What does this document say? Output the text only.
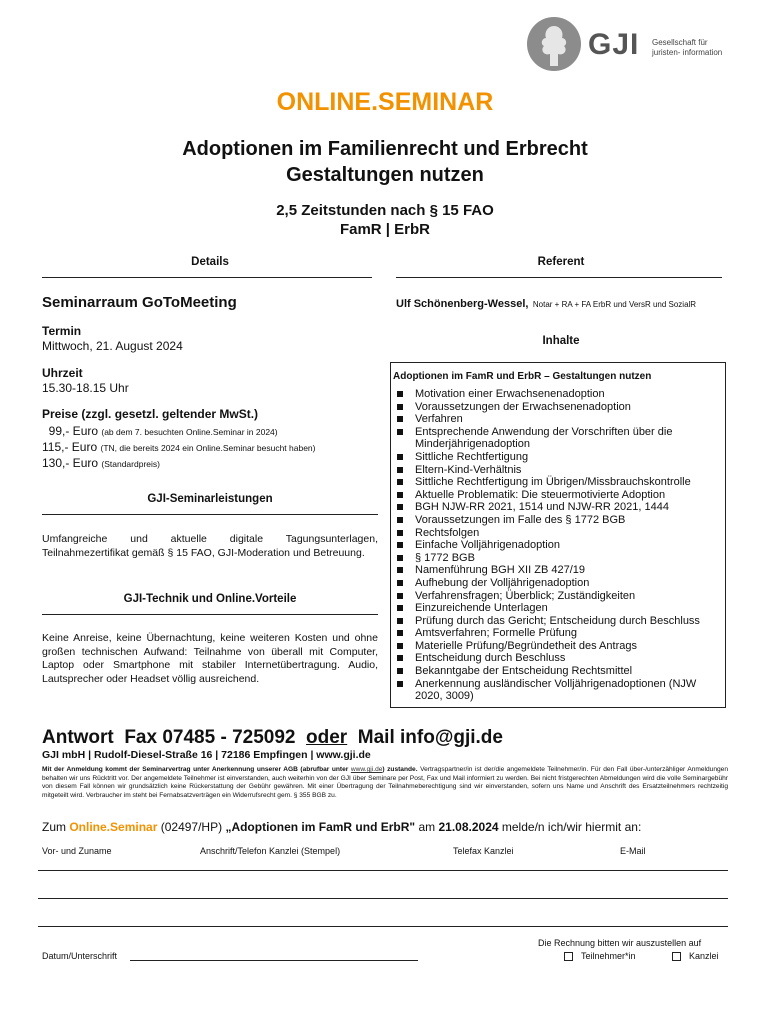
GJI Gesellschaft für
juristen- information
ONLINE.SEMINAR
Adoptionen im Familienrecht und Erbrecht
Gestaltungen nutzen
2,5 Zeitstunden nach § 15 FAO
FamR | ErbR
Details
Seminarraum GoToMeeting
Termin
Mittwoch, 21. August 2024
Uhrzeit
15.30-18.15 Uhr
Preise (zzgl. gesetzl. geltender MwSt.)
99,- Euro (ab dem 7. besuchten Online.Seminar in 2024)
115,- Euro (TN, die bereits 2024 ein Online.Seminar besucht haben)
130,- Euro (Standardpreis)
GJI-Seminarleistungen
Umfangreiche und aktuelle digitale Tagungsunterlagen, Teilnahmezertifikat gemäß § 15 FAO, GJI-Moderation und Betreuung.
GJI-Technik und Online.Vorteile
Keine Anreise, keine Übernachtung, keine weiteren Kosten und ohne großen technischen Aufwand: Teilnahme von überall mit Computer, Laptop oder Smartphone mit stabiler Internetübertragung. Audio, Lautsprecher oder Headset völlig ausreichend.
Referent
Ulf Schönenberg-Wessel, Notar + RA + FA ErbR und VersR und SozialR
Inhalte
Adoptionen im FamR und ErbR – Gestaltungen nutzen
Motivation einer Erwachsenenadoption
Voraussetzungen der Erwachsenenadoption
Verfahren
Entsprechende Anwendung der Vorschriften über die Minderjährigenadoption
Sittliche Rechtfertigung
Eltern-Kind-Verhältnis
Sittliche Rechtfertigung im Übrigen/Missbrauchskontrolle
Aktuelle Problematik: Die steuermotivierte Adoption
BGH NJW-RR 2021, 1514 und NJW-RR 2021, 1444
Voraussetzungen im Falle des § 1772 BGB
Rechtsfolgen
Einfache Volljährigenadoption
§ 1772 BGB
Namenführung BGH XII ZB 427/19
Aufhebung der Volljährigenadoption
Verfahrensfragen; Überblick; Zuständigkeiten
Einzureichende Unterlagen
Prüfung durch das Gericht; Entscheidung durch Beschluss
Amtsverfahren; Formelle Prüfung
Materielle Prüfung/Begründetheit des Antrags
Entscheidung durch Beschluss
Bekanntgabe der Entscheidung Rechtsmittel
Anerkennung ausländischer Volljährigenadoptionen (NJW 2020, 3009)
Antwort Fax 07485 - 725092 oder Mail info@gji.de
GJI mbH | Rudolf-Diesel-Straße 16 | 72186 Empfingen | www.gji.de
Mit der Anmeldung kommt der Seminarvertrag unter Anerkennung unserer AGB (abrufbar unter www.gji.de) zustande. Vertragspartner/in ist der/die angemeldete Teilnehmer/in. Für den Fall über-/unterzähliger Anmeldungen behalten wir uns Rücktritt vor. Der angemeldete Teilnehmer ist einverstanden, auch weiterhin von der GJI über Seminare per Post, Fax und Mail informiert zu werden. Bei nicht fristgerechten Abmeldungen wird die volle Seminargebühr von diesem Fall können wir grundsätzlich keine Rückerstattung der Gebühr gewähren. Mit einer Übertragung der Teilnahmeberechtigung sind wir einverstanden, sofern uns Name und Anschrift des Ersatzteilnehmers rechtzeitig mitgeteilt wird. Verbraucher im steht bei Fernabsatzverträgen ein Widerrufsrecht gem. § 355 BGB zu.
Zum Online.Seminar (02497/HP) „Adoptionen im FamR und ErbR" am 21.08.2024 melde/n ich/wir hiermit an:
Vor- und Zuname	Anschrift/Telefon Kanzlei (Stempel)	Telefax Kanzlei	E-Mail
Datum/Unterschrift
Die Rechnung bitten wir auszustellen auf
Teilnehmer*in	Kanzlei
